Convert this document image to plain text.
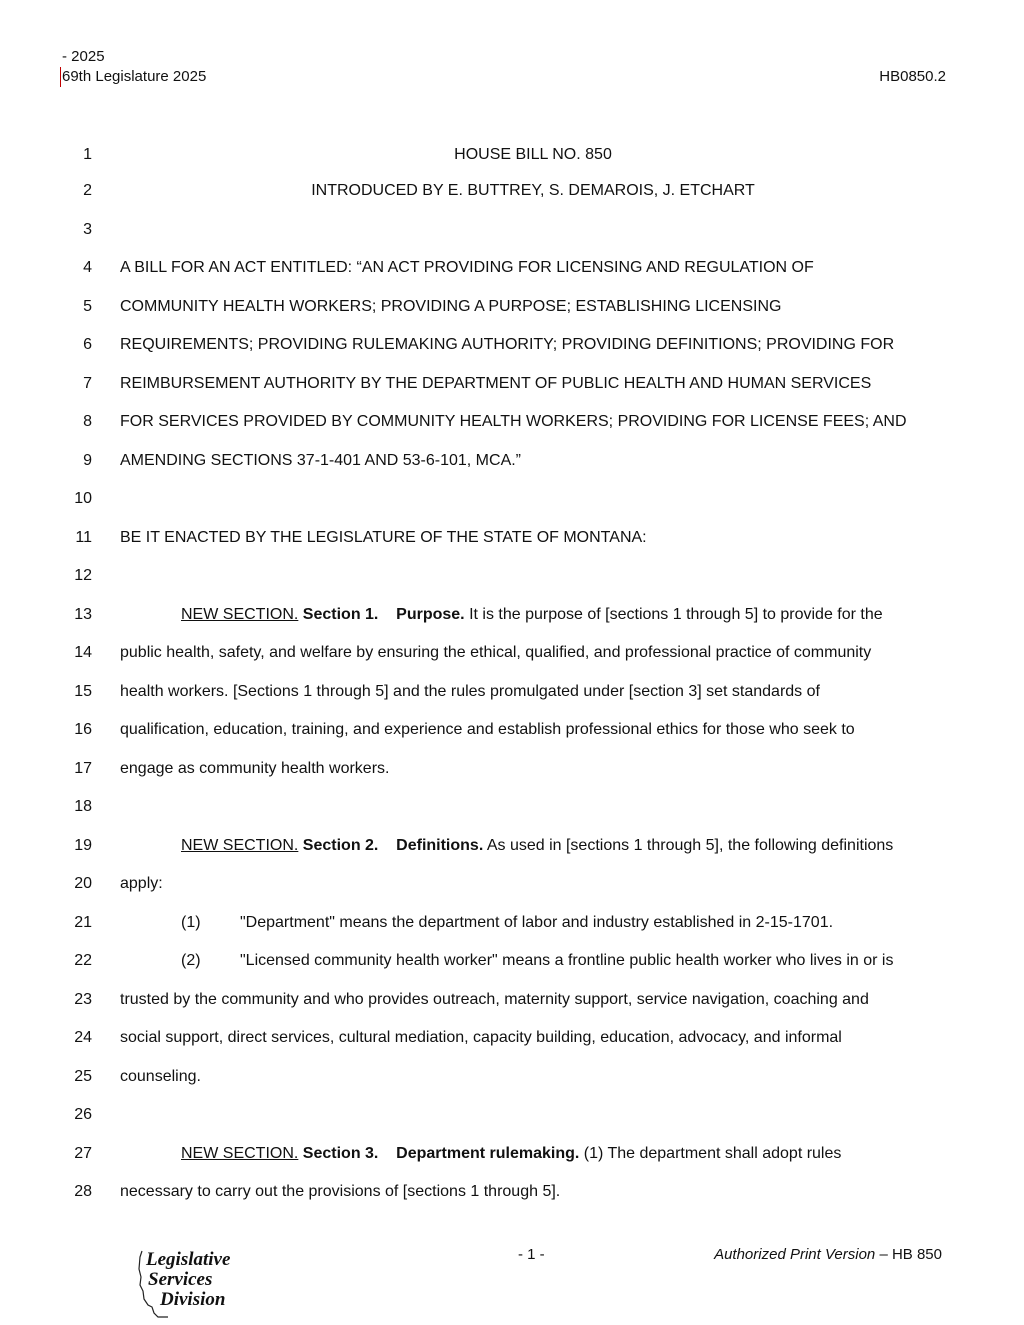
- 2025
69th Legislature 2025	HB0850.2
1
2
3
4
5
6
7
8
9
10
11
12
13
14
15
16
17
18
19
20
21
22
23
24
25
26
27
28
HOUSE BILL NO. 850
INTRODUCED BY E. BUTTREY, S. DEMAROIS, J. ETCHART
A BILL FOR AN ACT ENTITLED: “AN ACT PROVIDING FOR LICENSING AND REGULATION OF
COMMUNITY HEALTH WORKERS; PROVIDING A PURPOSE; ESTABLISHING LICENSING
REQUIREMENTS; PROVIDING RULEMAKING AUTHORITY; PROVIDING DEFINITIONS; PROVIDING FOR
REIMBURSEMENT AUTHORITY BY THE DEPARTMENT OF PUBLIC HEALTH AND HUMAN SERVICES
FOR SERVICES PROVIDED BY COMMUNITY HEALTH WORKERS; PROVIDING FOR LICENSE FEES; AND
AMENDING SECTIONS 37-1-401 AND 53-6-101, MCA.”
BE IT ENACTED BY THE LEGISLATURE OF THE STATE OF MONTANA:
NEW SECTION. Section 1. Purpose. It is the purpose of [sections 1 through 5] to provide for the
public health, safety, and welfare by ensuring the ethical, qualified, and professional practice of community
health workers. [Sections 1 through 5] and the rules promulgated under [section 3] set standards of
qualification, education, training, and experience and establish professional ethics for those who seek to
engage as community health workers.
NEW SECTION. Section 2. Definitions. As used in [sections 1 through 5], the following definitions
apply:
(1) "Department" means the department of labor and industry established in 2-15-1701.
(2) "Licensed community health worker" means a frontline public health worker who lives in or is
trusted by the community and who provides outreach, maternity support, service navigation, coaching and
social support, direct services, cultural mediation, capacity building, education, advocacy, and informal
counseling.
NEW SECTION. Section 3. Department rulemaking. (1) The department shall adopt rules
necessary to carry out the provisions of [sections 1 through 5].
Legislative
Services
Division
- 1 -	Authorized Print Version – HB 850
